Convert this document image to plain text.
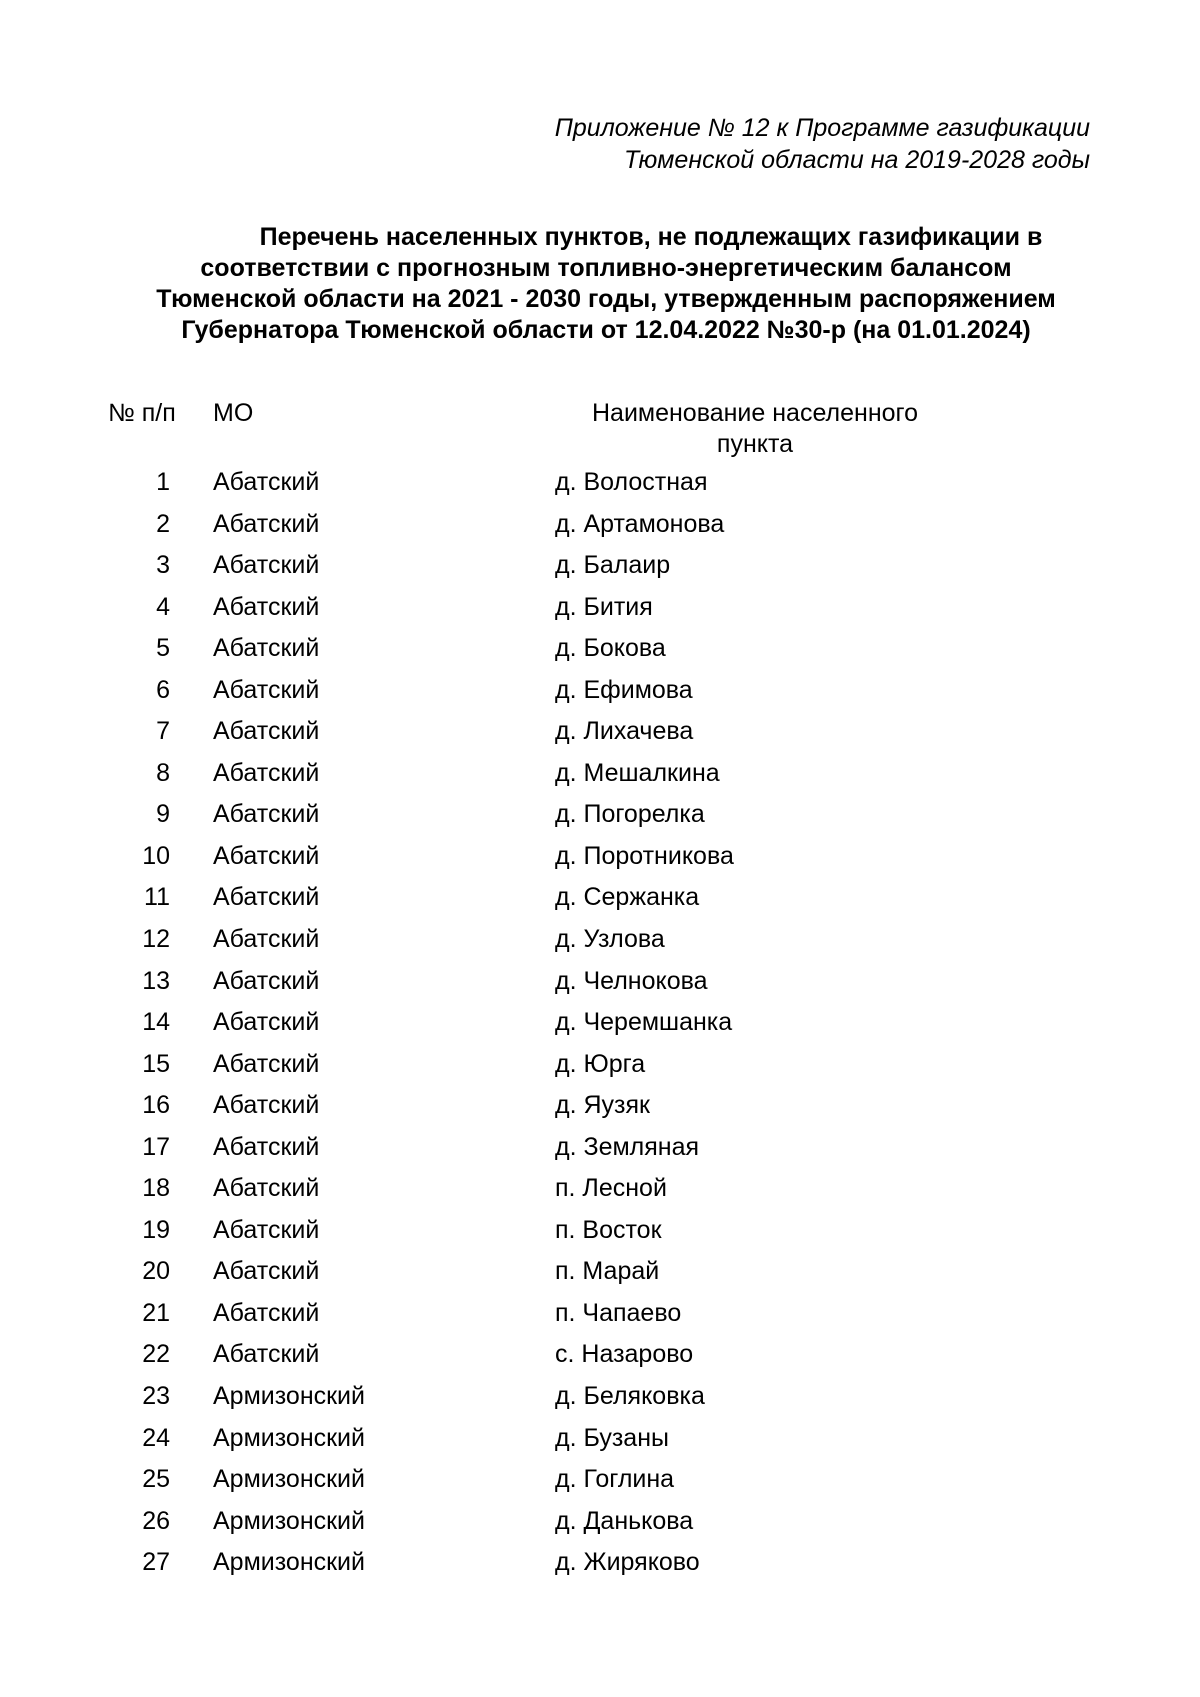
Приложение № 12 к Программе газификации
Тюменской области на 2019-2028 годы
Перечень населенных пунктов, не подлежащих газификации в
соответствии с прогнозным топливно-энергетическим балансом
Тюменской области на 2021 - 2030 годы, утвержденным распоряжением
Губернатора Тюменской области от 12.04.2022 №30-р (на 01.01.2024)
№ п/п МО	Наименование населенного
пункта
1 Абатский	д. Волостная
2 Абатский	д. Артамонова
3 Абатский	д. Балаир
4 Абатский	д. Бития
5 Абатский	д. Бокова
6 Абатский	д. Ефимова
7 Абатский	д. Лихачева
8 Абатский	д. Мешалкина
9 Абатский	д. Погорелка
10 Абатский	д. Поротникова
11 Абатский	д. Сержанка
12 Абатский	д. Узлова
13 Абатский	д. Челнокова
14 Абатский	д. Черемшанка
15 Абатский	д. Юрга
16 Абатский	д. Яузяк
17 Абатский	д. Земляная
18 Абатский	п. Лесной
19 Абатский	п. Восток
20 Абатский	п. Марай
21 Абатский	п. Чапаево
22 Абатский	с. Назарово
23 Армизонский	д. Беляковка
24 Армизонский	д. Бузаны
25 Армизонский	д. Гоглина
26 Армизонский	д. Данькова
27 Армизонский	д. Жиряково
